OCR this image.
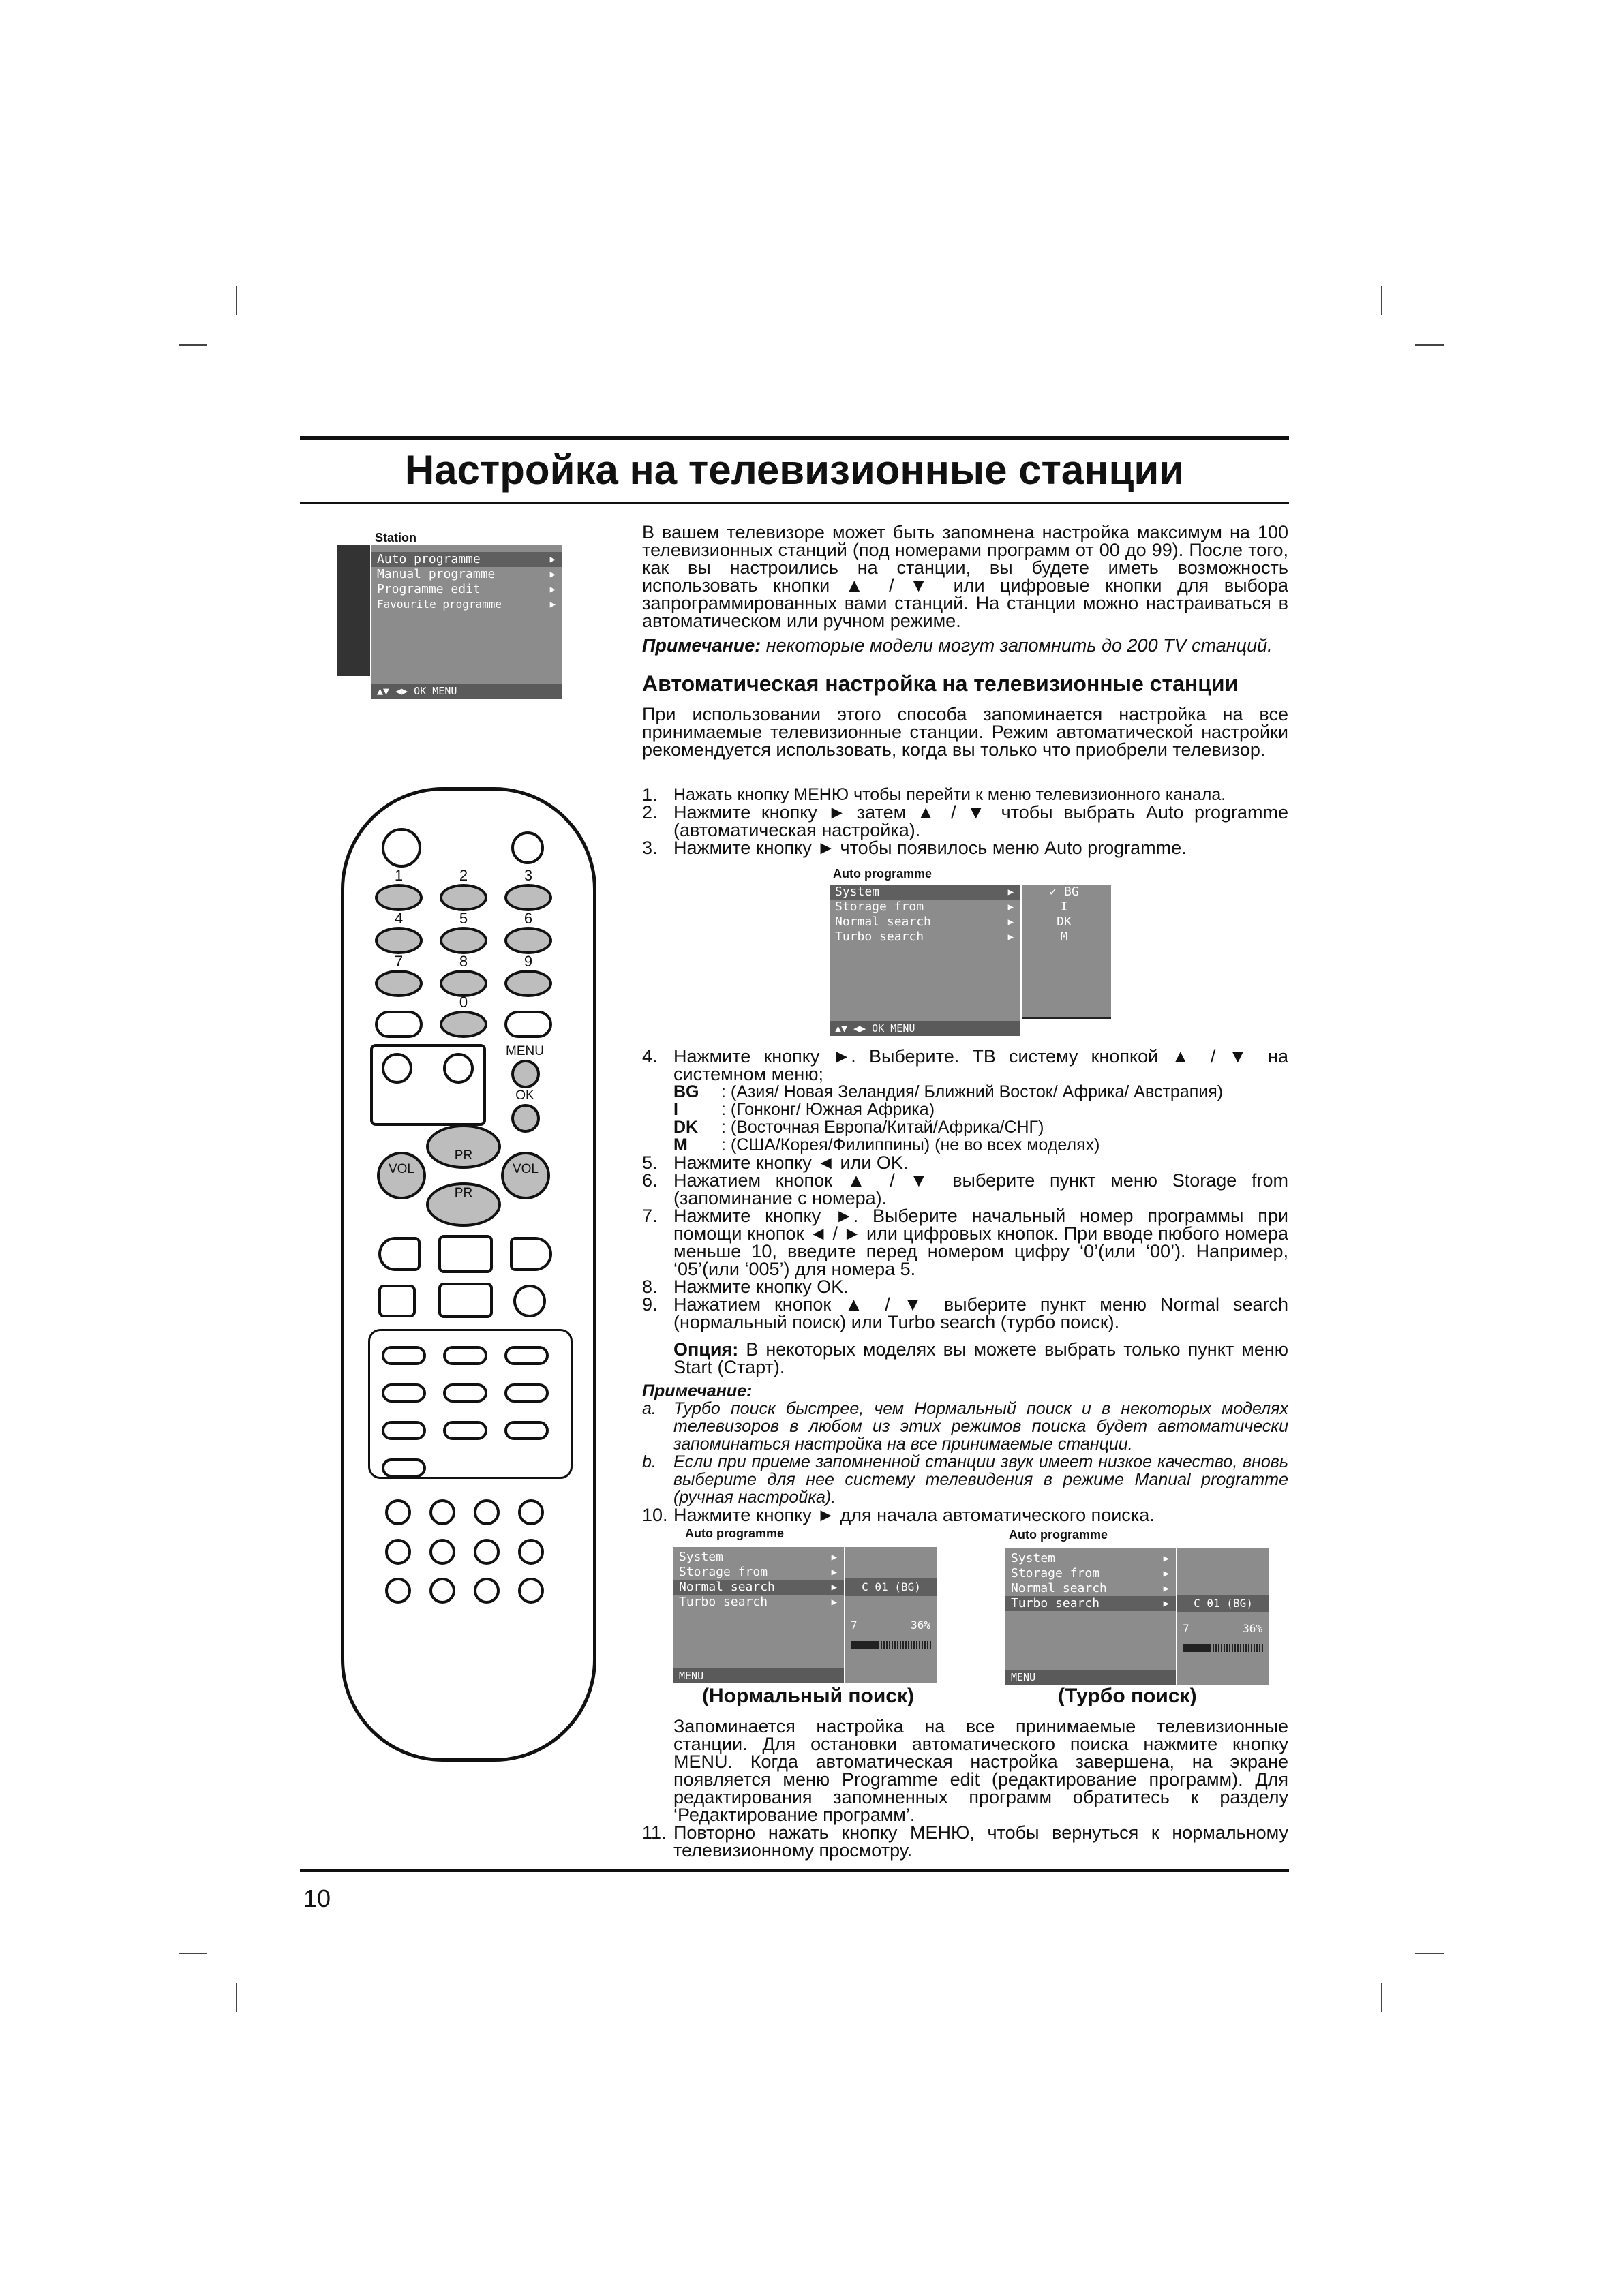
Настройка на телевизионные станции
Station
Auto programme	▶
Manual programme	▶
Programme edit	▶
Favourite programme	▶
▲▼ ◀▶ OK MENU
1	2	3
4	5	6
7	8	9
0
MENU
OK
PR
VOL	VOL
PR

В вашем телевизоре может быть запомнена настройка максимум на 100 телевизионных станций (под номерами программ от 00 до 99). После того, как вы настроились на станции, вы будете иметь возможность использовать кнопки ▲ / ▼ или цифровые кнопки для выбора запрограммированных вами станций. На станции можно настраиваться в автоматическом или ручном режиме.

Примечание: некоторые модели могут запомнить до 200 TV станций.

Автоматическая настройка на телевизионные станции
При использовании этого способа запоминается настройка на все принимаемые телевизионные станции. Режим автоматической настройки рекомендуется использовать, когда вы только что приобрели телевизор.
1. Нажать кнопку МЕНЮ чтобы перейти к меню телевизионного канала.
2. Нажмите кнопку ► затем ▲ / ▼ чтобы выбрать Auto programme (автоматическая настройка).
3. Нажмите кнопку ► чтобы появилось меню Auto programme.
Auto programme
System	▶
Storage from	▶
Normal search	▶
Turbo search	▶
▲▼ ◀▶ OK MENU
✓ BG
I
DK
M
4. Нажмите кнопку ►. Выберите. ТВ систему кнопкой ▲ / ▼ на системном меню;
BG	: (Азия/ Новая Зеландия/ Ближний Восток/ Африка/ Австрапия)
I	: (Гонконг/ Южная Африка)
DK	: (Восточная Европа/Китай/Африка/СНГ)
M	: (США/Корея/Филиппины) (не во всех моделях)
5. Нажмите кнопку ◄ или OK.
6. Нажатием кнопок ▲ / ▼ выберите пункт меню Storage from (запоминание с номера).
7. Нажмите кнопку ►. Выберите начальный номер программы при помощи кнопок ◄ / ► или цифровых кнопок. При вводе пюбого номера меньше 10, введите перед номером цифру ‘0’(или ‘00’). Например, ‘05’(или ‘005’) для номера 5.
8. Нажмите кнопку OK.
9. Нажатием кнопок ▲ / ▼ выберите пункт меню Normal search (нормальный поиск) или Turbo search (турбо поиск).
Опция: В некоторых моделях вы можете выбрать только пункт меню Start (Старт).
Примечание:
a.	Турбо поиск быстрее, чем Нормальный поиск и в некоторых моделях телевизоров в любом из этих режимов поиска будет автоматически запоминаться настройка на все принимаемые станции.
b.	Если при приеме запомненной станции звук имеет низкое качество, вновь выберите для нее систему телевидения в режиме Manual programme (ручная настройка).
10. Нажмите кнопку ► для начала автоматического поиска.
Auto programme
System	▶
Storage from	▶
Normal search	▶
Turbo search	▶
MENU
C 01 (BG)
7	36%
(Нормальный поиск)
Auto programme
System	▶
Storage from	▶
Normal search	▶
Turbo search	▶
MENU
C 01 (BG)
7	36%
(Турбо поиск)
Запоминается настройка на все принимаемые телевизионные станции. Для остановки автоматического поиска нажмите кнопку MENU. Когда автоматическая настройка завершена, на экране появляется меню Programme edit (редактирование программ). Для редактирования запомненных программ обратитесь к разделу ‘Редактирование программ’.
11. Повторно нажать кнопку МЕНЮ, чтобы вернуться к нормальному телевизионному просмотру.
10
